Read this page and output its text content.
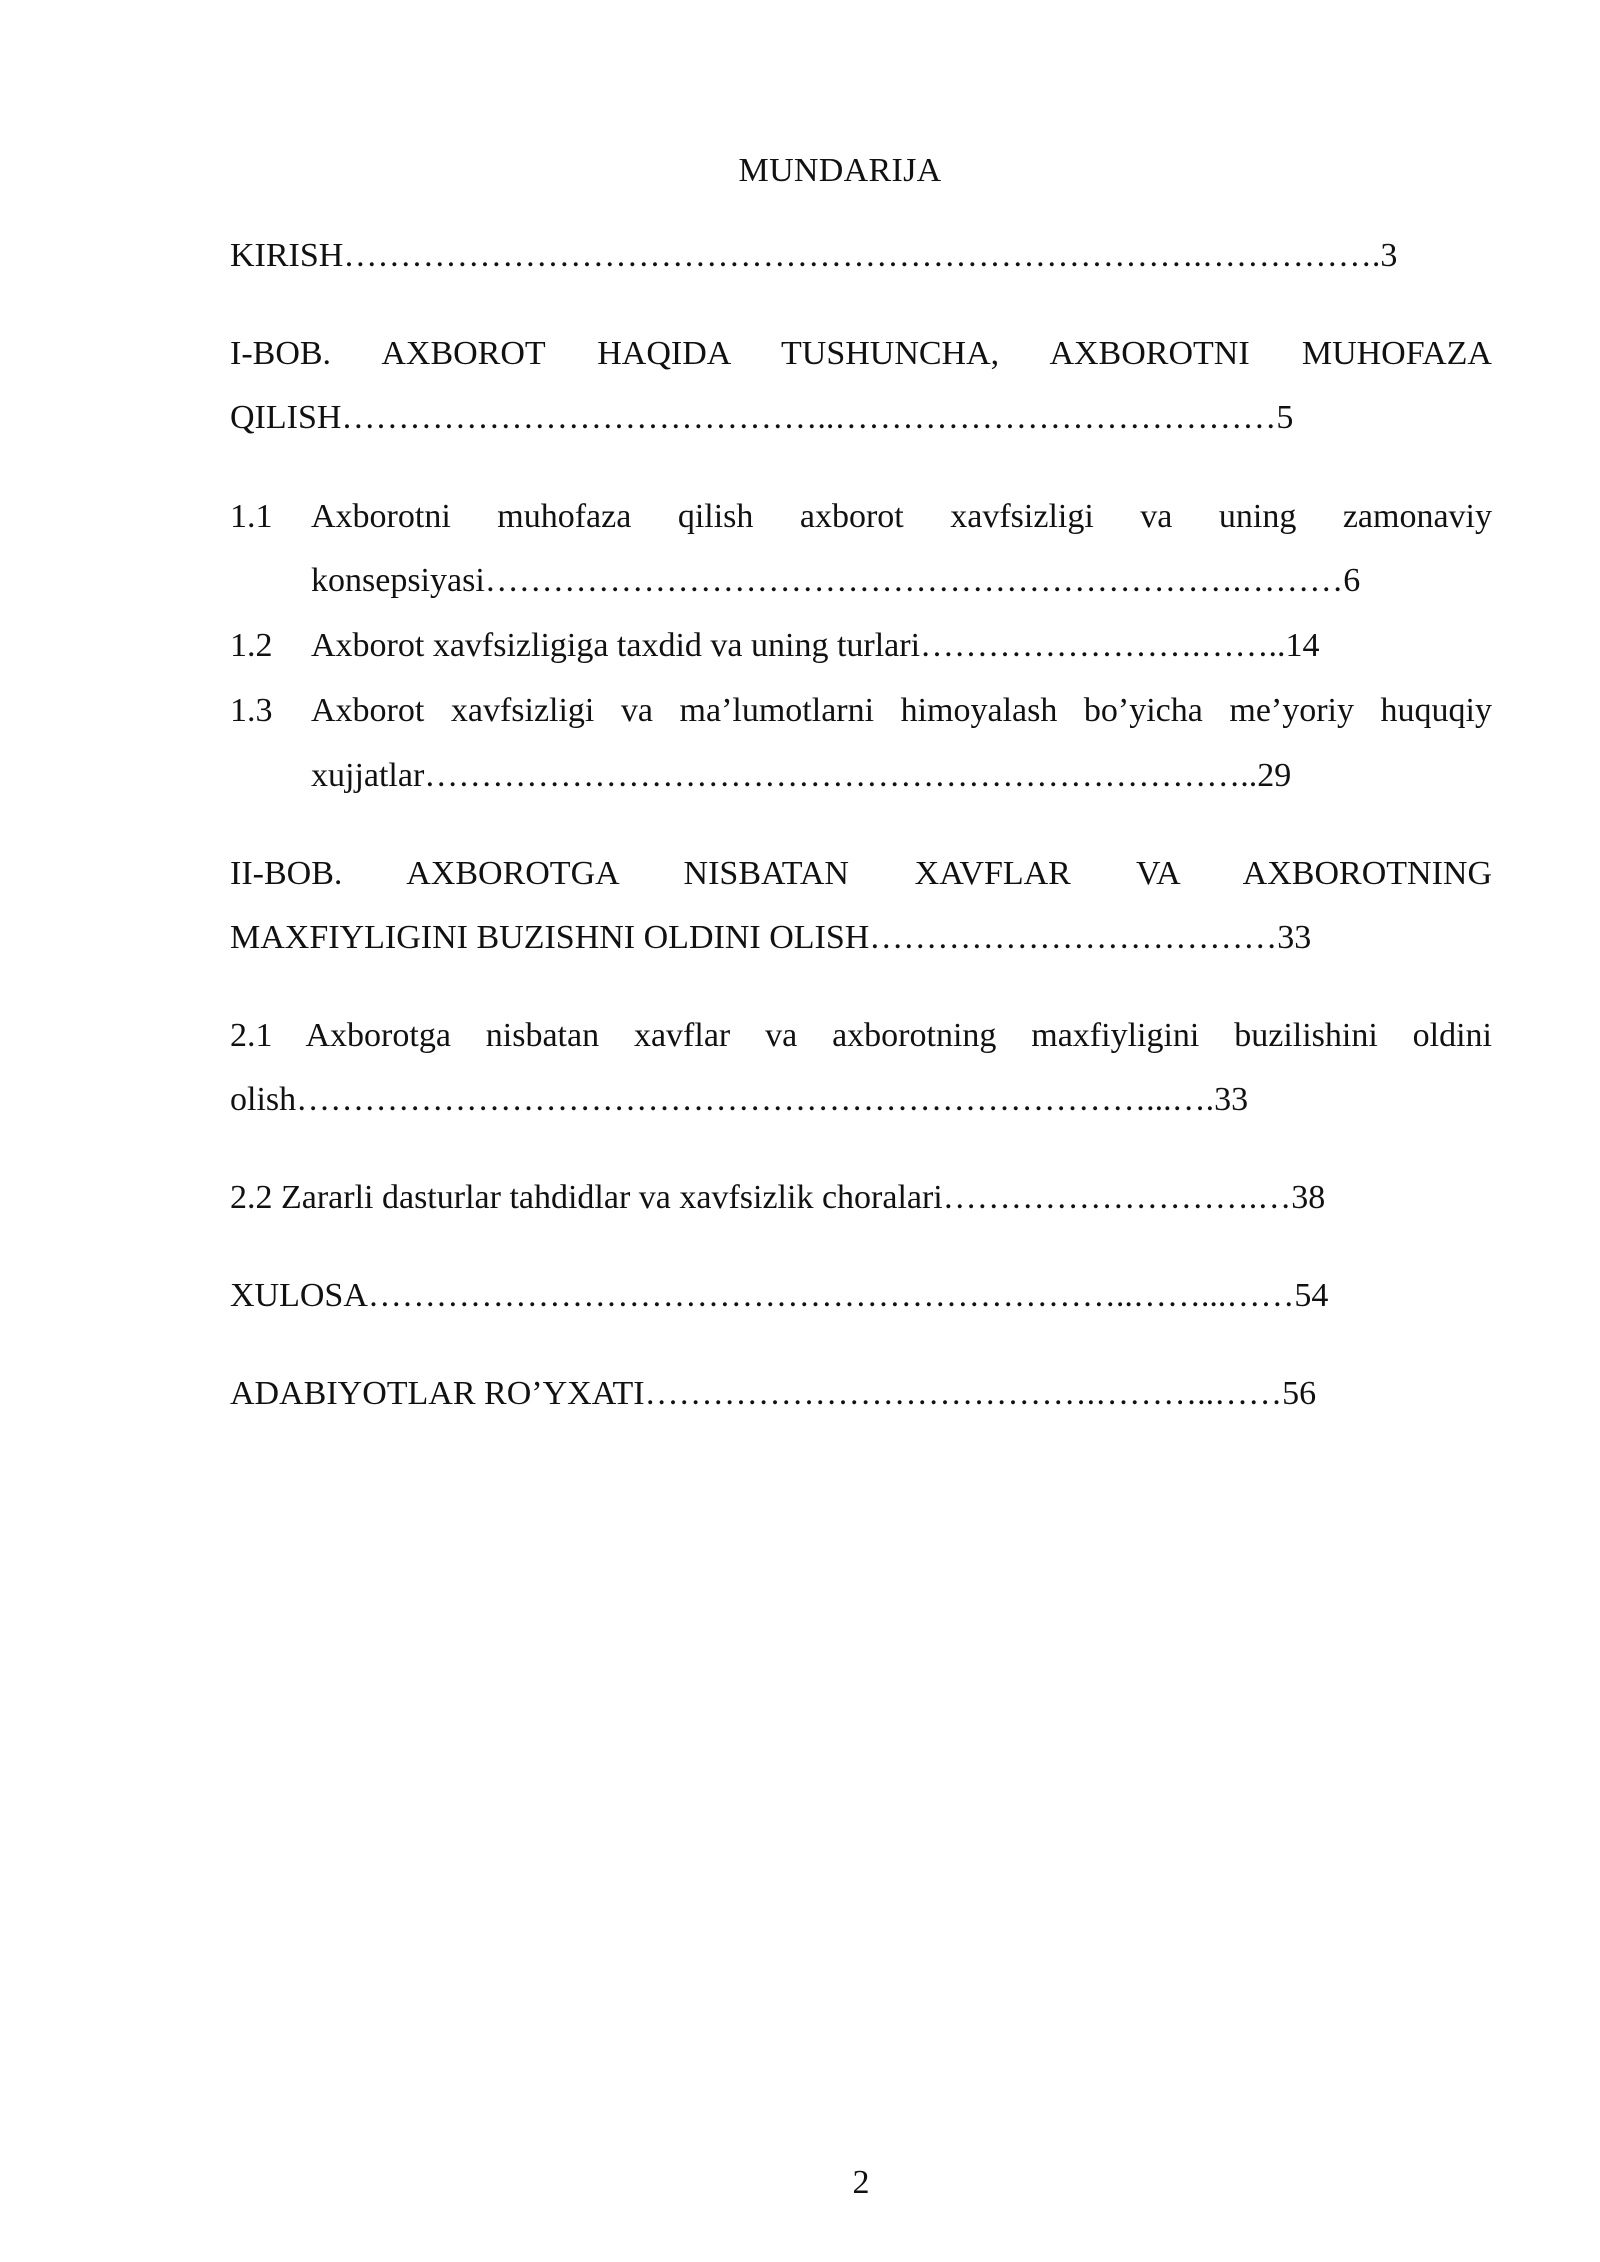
MUNDARIJA
KIRISH………………………………………………………………….…………….3
I-BOB. AXBOROT HAQIDA TUSHUNCHA, AXBOROTNI MUHOFAZA
QILISH……………………………………..…………………………………5
1.1 Axborotni muhofaza qilish axborot xavfsizligi va uning zamonaviy
konsepsiyasi………………………………………………………….………6
1.2 Axborot xavfsizligiga taxdid va uning turlari…………………….……..14
1.3 Axborot xavfsizligi va ma’lumotlarni himoyalash bo’yicha me’yoriy huquqiy
xujjatlar………………………………………………………………..29
II-BOB. AXBOROTGA NISBATAN XAVFLAR VA AXBOROTNING
MAXFIYLIGINI BUZISHNI OLDINI OLISH………………………………33
2.1 Axborotga nisbatan xavflar va axborotning maxfiyligini buzilishini oldini
olish…………………………………………………………………...….33
2.2 Zararli dasturlar tahdidlar va xavfsizlik choralari……………………….…38
XULOSA…………………………………………………………..……...……54
ADABIYOTLAR RO’YXATI………………………………….………..……56
2
